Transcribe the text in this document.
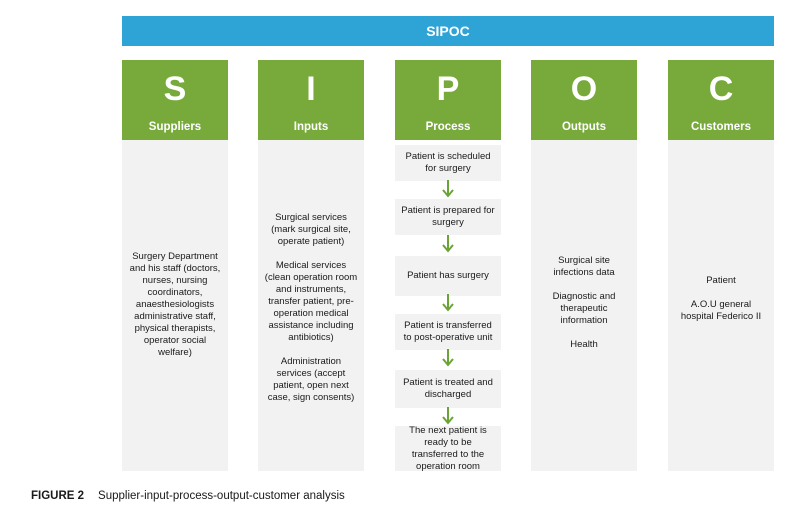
SIPOC
S
Suppliers

Surgery Department and his staff (doctors, nurses, nursing coordinators, anaesthesiologists administrative staff, physical therapists, operator social welfare)

I
Inputs

Surgical services (mark surgical site, operate patient)

Medical services (clean operation room and instruments, transfer patient, pre-operation medical assistance including antibiotics)

Administration services (accept patient, open next case, sign consents)

P
Process
Patient is scheduled for surgery
Patient is prepared for surgery
Patient has surgery
Patient is transferred to post-operative unit
Patient is treated and discharged
The next patient is ready to be transferred to the operation room
O
Outputs

Surgical site infections data

Diagnostic and therapeutic information

Health

C
Customers

Patient

A.O.U general hospital Federico II

FIGURE 2 Supplier-input-process-output-customer analysis
